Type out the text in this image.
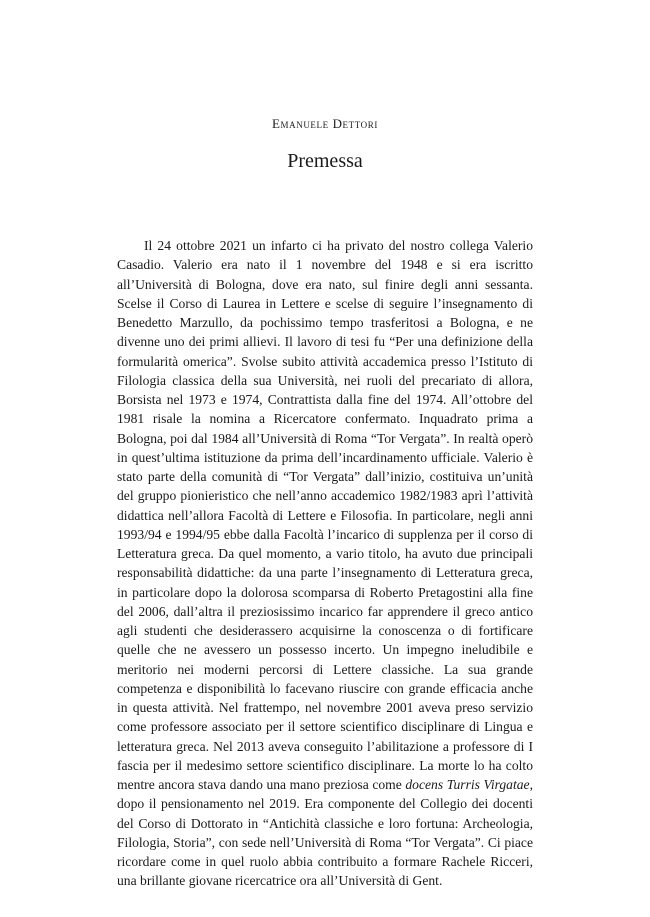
Emanuele Dettori
Premessa

Il 24 ottobre 2021 un infarto ci ha privato del nostro collega Valerio Casadio. Valerio era nato il 1 novembre del 1948 e si era iscritto all’Università di Bologna, dove era nato, sul finire degli anni sessanta. Scelse il Corso di Laurea in Lettere e scelse di seguire l’insegnamento di Benedetto Marzullo, da pochissimo tempo trasferitosi a Bologna, e ne divenne uno dei primi allievi. Il lavoro di tesi fu “Per una definizione della formularità omerica”. Svolse subito attività accademica presso l’Istituto di Filologia classica della sua Università, nei ruoli del precariato di allora, Borsista nel 1973 e 1974, Contrattista dalla fine del 1974. All’ottobre del 1981 risale la nomina a Ricercatore confermato. Inquadrato prima a Bologna, poi dal 1984 all’Università di Roma “Tor Vergata”. In realtà operò in quest’ultima istituzione da prima dell’incardinamento ufficiale. Valerio è stato parte della comunità di “Tor Vergata” dall’inizio, costituiva un’unità del gruppo pionieristico che nell’anno accademico 1982/1983 aprì l’attività didattica nell’allora Facoltà di Lettere e Filosofia. In particolare, negli anni 1993/94 e 1994/95 ebbe dalla Facoltà l’incarico di supplenza per il corso di Letteratura greca. Da quel momento, a vario titolo, ha avuto due principali responsabilità didattiche: da una parte l’insegnamento di Letteratura greca, in particolare dopo la dolorosa scomparsa di Roberto Pretagostini alla fine del 2006, dall’altra il preziosissimo incarico far apprendere il greco antico agli studenti che desiderassero acquisirne la conoscenza o di fortificare quelle che ne avessero un possesso incerto. Un impegno ineludibile e meritorio nei moderni percorsi di Lettere classiche. La sua grande competenza e disponibilità lo facevano riuscire con grande efficacia anche in questa attività. Nel frattempo, nel novembre 2001 aveva preso servizio come professore associato per il settore scientifico disciplinare di Lingua e letteratura greca. Nel 2013 aveva conseguito l’abilitazione a professore di I fascia per il medesimo settore scientifico disciplinare. La morte lo ha colto mentre ancora stava dando una mano preziosa come docens Turris Virgatae, dopo il pensionamento nel 2019. Era componente del Collegio dei docenti del Corso di Dottorato in “Antichità classiche e loro fortuna: Archeologia, Filologia, Storia”, con sede nell’Università di Roma “Tor Vergata”. Ci piace ricordare come in quel ruolo abbia contribuito a formare Rachele Ricceri, una brillante giovane ricercatrice ora all’Università di Gent.
